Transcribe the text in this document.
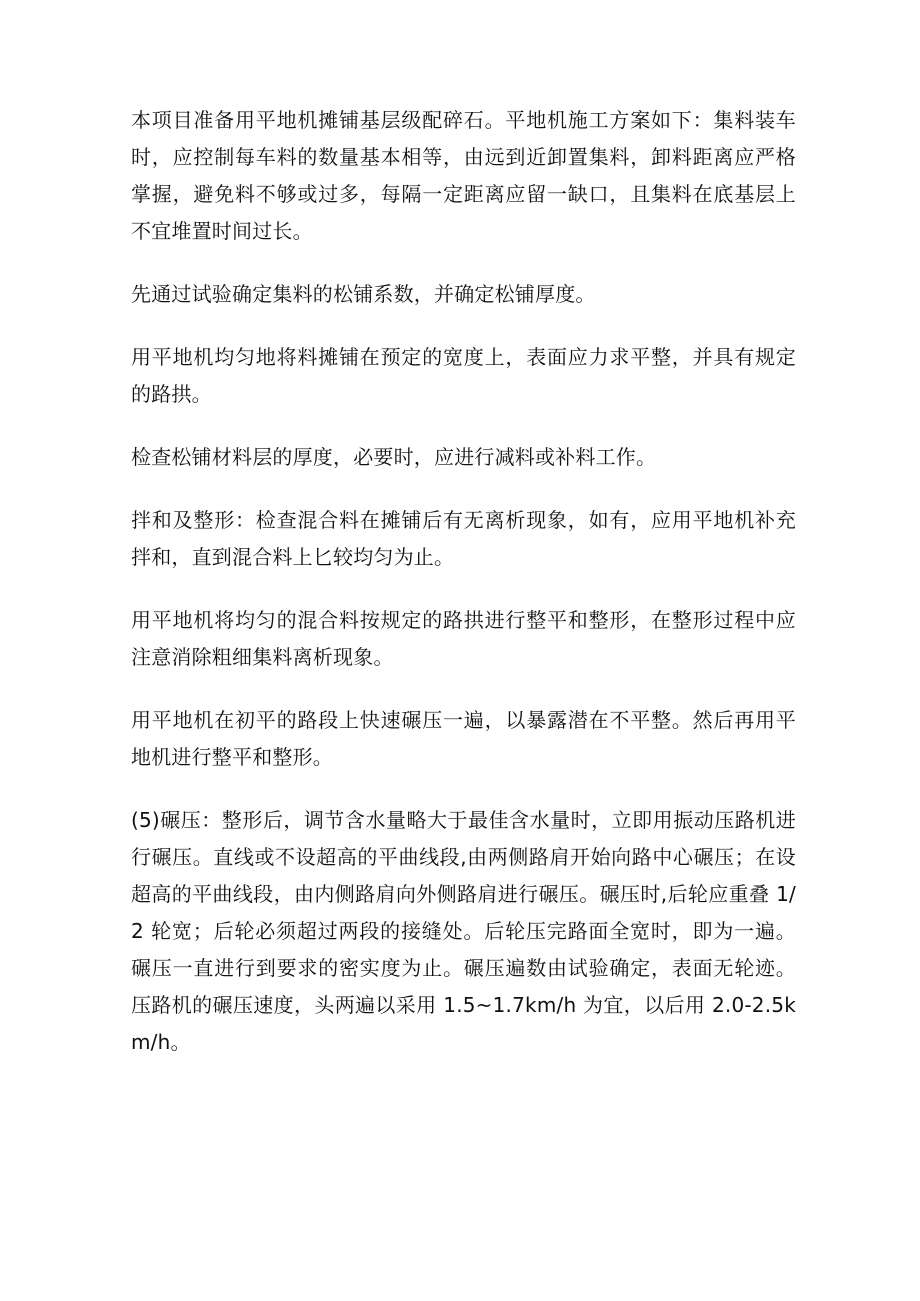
本项目准备用平地机摊铺基层级配碎石。平地机施工方案如下：集料装车时，应控制每车料的数量基本相等，由远到近卸置集料，卸料距离应严格掌握，避免料不够或过多，每隔一定距离应留一缺口，且集料在底基层上不宜堆置时间过长。

先通过试验确定集料的松铺系数，并确定松铺厚度。

用平地机均匀地将料摊铺在预定的宽度上，表面应力求平整，并具有规定的路拱。

检查松铺材料层的厚度，必要时，应进行减料或补料工作。

拌和及整形：检查混合料在摊铺后有无离析现象，如有，应用平地机补充拌和，直到混合料上匕较均匀为止。

用平地机将均匀的混合料按规定的路拱进行整平和整形，在整形过程中应注意消除粗细集料离析现象。

用平地机在初平的路段上快速碾压一遍，以暴露潜在不平整。然后再用平地机进行整平和整形。

(5)碾压：整形后，调节含水量略大于最佳含水量时，立即用振动压路机进行碾压。直线或不设超高的平曲线段,由两侧路肩开始向路中心碾压；在设超高的平曲线段，由内侧路肩向外侧路肩进行碾压。碾压时,后轮应重叠 1/2 轮宽；后轮必须超过两段的接缝处。后轮压完路面全宽时，即为一遍。碾压一直进行到要求的密实度为止。碾压遍数由试验确定，表面无轮迹。压路机的碾压速度，头两遍以采用 1.5~1.7km/h 为宜，以后用 2.0-2.5km/h。
